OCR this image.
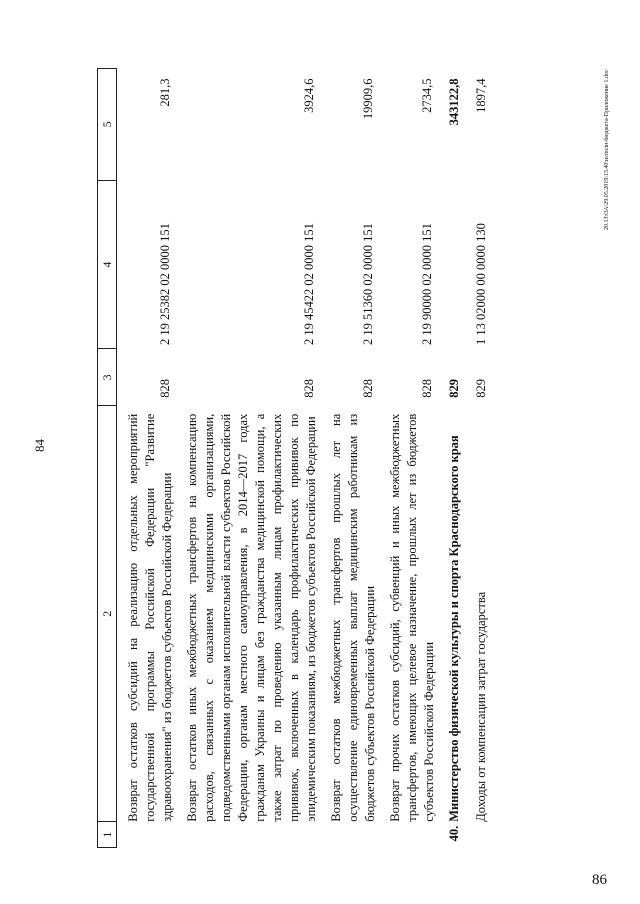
84
20.13\ОА\29.05.2019\13.40\исполн-бюджета-Приложение 1.doc
86
1	2	3	4	5

	Возврат остатков субсидий на реализацию отдельных мероприятий государственной программы Российской Федерации "Развитие здравоохранения" из бюджетов субъектов Российской Федерации	828	2 19 25382 02 0000 151	281,3

	Возврат остатков иных межбюджетных трансфертов на компенсацию расходов, связанных с оказанием медицинскими организациями, подведомственными органам исполнительной власти субъектов Российской Федерации, органам местного самоуправления, в 2014—2017 годах гражданам Украины и лицам без гражданства медицинской помощи, а также затрат по проведению указанным лицам профилактических прививок, включенных в календарь профилактических прививок по эпидемическим показаниям, из бюджетов субъектов Российской Федерации	828	2 19 45422 02 0000 151	3924,6

	Возврат остатков межбюджетных трансфертов прошлых лет на осуществление единовременных выплат медицинским работникам из бюджетов субъектов Российской Федерации	828	2 19 51360 02 0000 151	19909,6

	Возврат прочих остатков субсидий, субвенций и иных межбюджетных трансфертов, имеющих целевое назначение, прошлых лет из бюджетов субъектов Российской Федерации	828	2 19 90000 02 0000 151	2734,5

40.	Министерство физической культуры и спорта Краснодарского края	829		343122,8

	Доходы от компенсации затрат государства	829	1 13 02000 00 0000 130	1897,4
